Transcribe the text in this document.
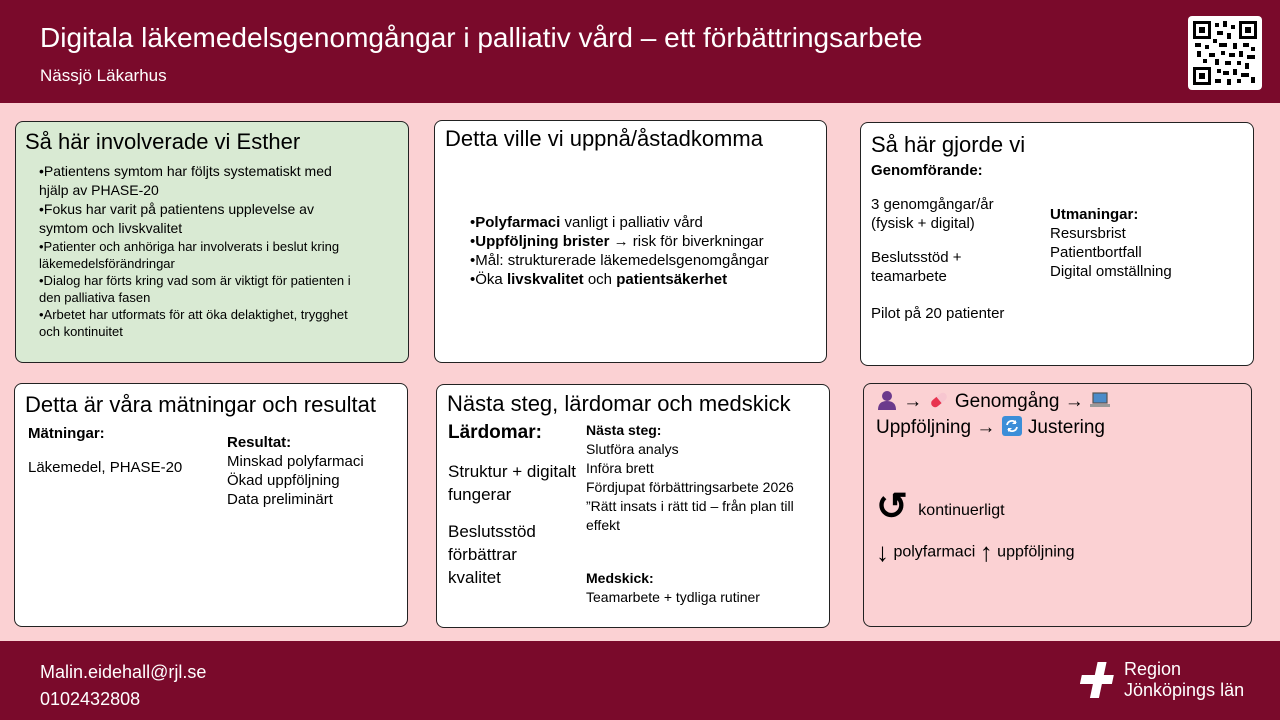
Digitala läkemedelsgenomgångar i palliativ vård – ett förbättringsarbete
Nässjö Läkarhus
Så här involverade vi Esther
•Patientens symtom har följts systematiskt med hjälp av PHASE-20
•Fokus har varit på patientens upplevelse av symtom och livskvalitet
•Patienter och anhöriga har involverats i beslut kring läkemedelsförändringar
•Dialog har förts kring vad som är viktigt för patienten i den palliativa fasen
•Arbetet har utformats för att öka delaktighet, trygghet och kontinuitet
Detta ville vi uppnå/åstadkomma
•Polyfarmaci vanligt i palliativ vård
•Uppföljning brister → risk för biverkningar
•Mål: strukturerade läkemedelsgenomgångar
•Öka livskvalitet och patientsäkerhet
Så här gjorde vi
Genomförande:
3 genomgångar/år (fysisk + digital)
Beslutsstöd + teamarbete
Pilot på 20 patienter
Utmaningar:
Resursbrist
Patientbortfall
Digital omställning
Detta är våra mätningar och resultat
Mätningar:
Läkemedel, PHASE-20
Resultat:
Minskad polyfarmaci
Ökad uppföljning
Data preliminärt
Nästa steg, lärdomar och medskick
Lärdomar:
Struktur + digitalt fungerar
Beslutsstöd förbättrar kvalitet
Nästa steg:
Slutföra analys
Införa brett
Fördjupat förbättringsarbete 2026
”Rätt insats i rätt tid – från plan till effekt
Medskick:
Teamarbete + tydliga rutiner
→ Genomgång →
Uppföljning → Justering
↺ kontinuerligt
↓ polyfarmaci ↑ uppföljning
Malin.eidehall@rjl.se
0102432808
Region
Jönköpings län
